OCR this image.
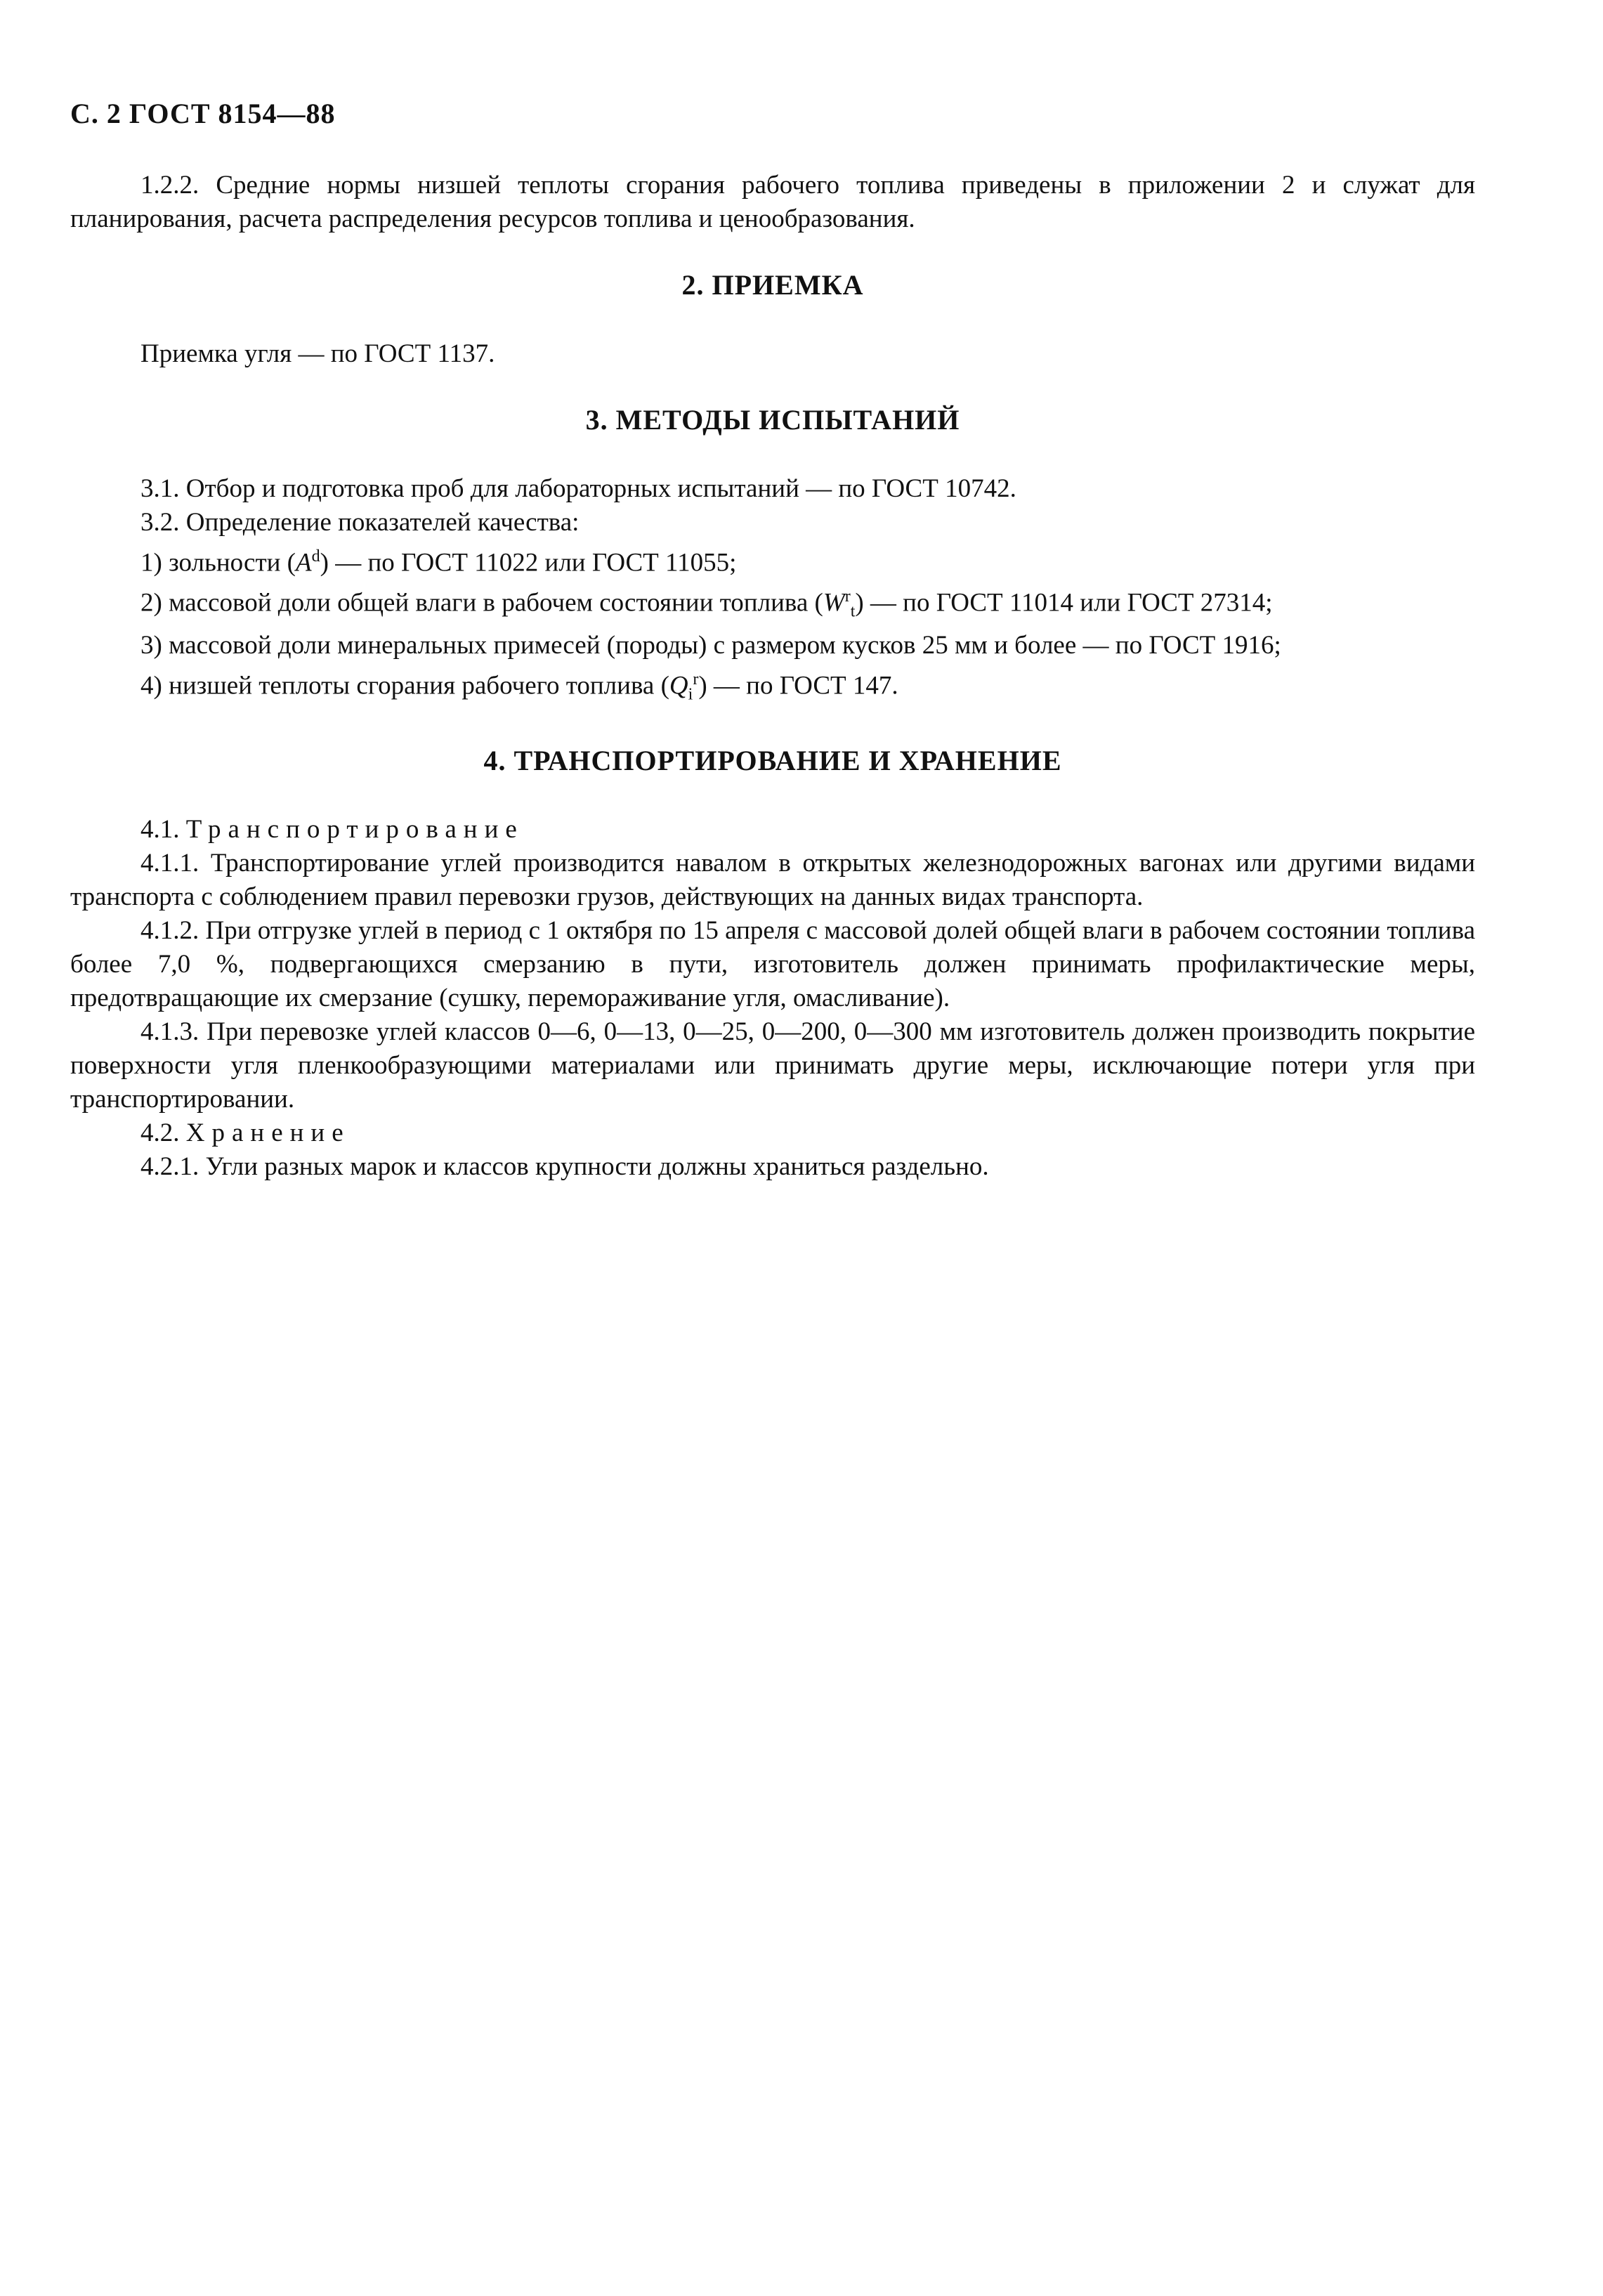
С. 2 ГОСТ 8154—88

1.2.2. Средние нормы низшей теплоты сгорания рабочего топлива приведены в приложении 2 и служат для планирования, расчета распределения ресурсов топлива и ценообразования.

2. ПРИЕМКА

Приемка угля — по ГОСТ 1137.

3. МЕТОДЫ ИСПЫТАНИЙ

3.1. Отбор и подготовка проб для лабораторных испытаний — по ГОСТ 10742.

3.2. Определение показателей качества:

1) зольности $(A^d)$ — по ГОСТ 11022 или ГОСТ 11055;

2) массовой доли общей влаги в рабочем состоянии топлива $(W^r_t)$ — по ГОСТ 11014 или ГОСТ 27314;

3) массовой доли минеральных примесей (породы) с размером кусков 25 мм и более — по ГОСТ 1916;

4) низшей теплоты сгорания рабочего топлива $(Q_i^r)$ — по ГОСТ 147.

4. ТРАНСПОРТИРОВАНИЕ И ХРАНЕНИЕ

4.1. Транспортирование

4.1.1. Транспортирование углей производится навалом в открытых железнодорожных вагонах или другими видами транспорта с соблюдением правил перевозки грузов, действующих на данных видах транспорта.

4.1.2. При отгрузке углей в период с 1 октября по 15 апреля с массовой долей общей влаги в рабочем состоянии топлива более 7,0 %, подвергающихся смерзанию в пути, изготовитель должен принимать профилактические меры, предотвращающие их смерзание (сушку, перемораживание угля, омасливание).

4.1.3. При перевозке углей классов 0—6, 0—13, 0—25, 0—200, 0—300 мм изготовитель должен производить покрытие поверхности угля пленкообразующими материалами или принимать другие меры, исключающие потери угля при транспортировании.

4.2. Хранение

4.2.1. Угли разных марок и классов крупности должны храниться раздельно.
